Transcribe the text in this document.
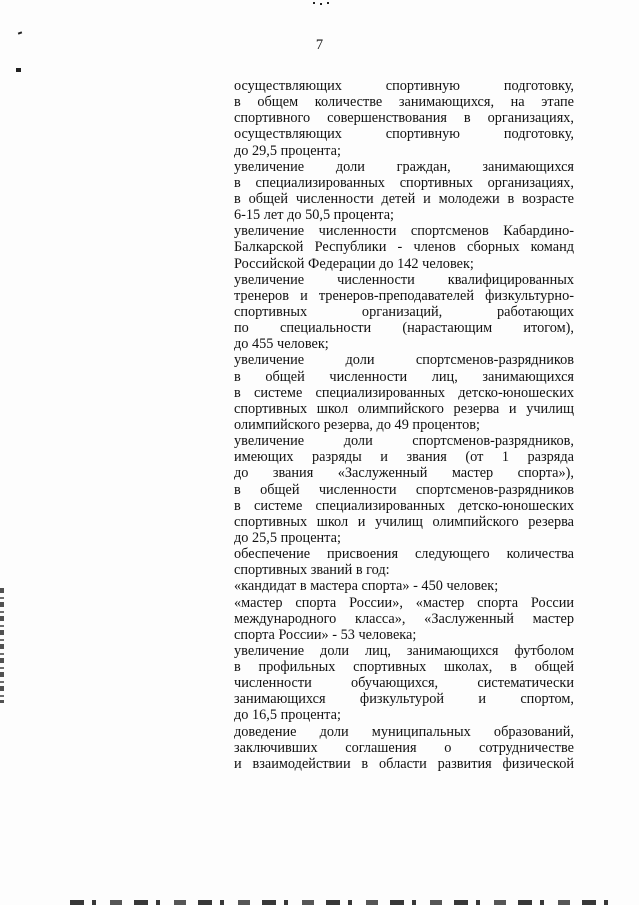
7
осуществляющих спортивную подготовку,
в общем количестве занимающихся, на этапе
спортивного совершенствования в организациях,
осуществляющих спортивную подготовку,
до 29,5 процента;
увеличение доли граждан, занимающихся
в специализированных спортивных организациях,
в общей численности детей и молодежи в возрасте
6-15 лет до 50,5 процента;
увеличение численности спортсменов Кабардино-
Балкарской Республики - членов сборных команд
Российской Федерации до 142 человек;
увеличение численности квалифицированных
тренеров и тренеров-преподавателей физкультурно-
спортивных организаций, работающих
по специальности (нарастающим итогом),
до 455 человек;
увеличение доли спортсменов-разрядников
в общей численности лиц, занимающихся
в системе специализированных детско-юношеских
спортивных школ олимпийского резерва и училищ
олимпийского резерва, до 49 процентов;
увеличение доли спортсменов-разрядников,
имеющих разряды и звания (от 1 разряда
до звания «Заслуженный мастер спорта»),
в общей численности спортсменов-разрядников
в системе специализированных детско-юношеских
спортивных школ и училищ олимпийского резерва
до 25,5 процента;
обеспечение присвоения следующего количества
спортивных званий в год:
«кандидат в мастера спорта» - 450 человек;
«мастер спорта России», «мастер спорта России
международного класса», «Заслуженный мастер
спорта России» - 53 человека;
увеличение доли лиц, занимающихся футболом
в профильных спортивных школах, в общей
численности обучающихся, систематически
занимающихся физкультурой и спортом,
до 16,5 процента;
доведение доли муниципальных образований,
заключивших соглашения о сотрудничестве
и взаимодействии в области развития физической
